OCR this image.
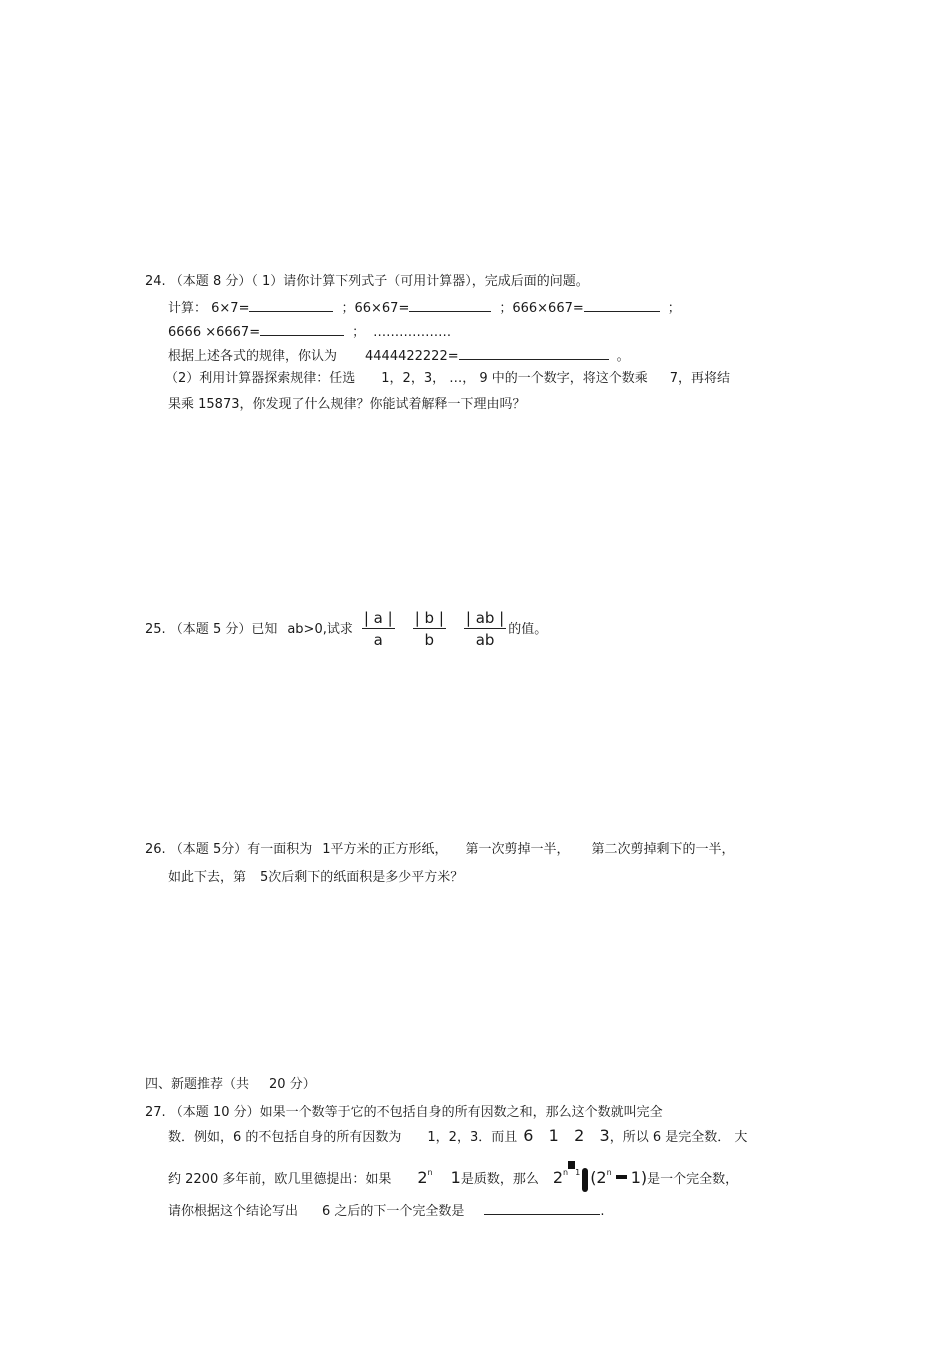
24. （本题 8 分）（ 1）请你计算下列式子（可用计算器），完成后面的问题。
计算： 6×7=	；66×67=	；666×667=	；
6666 ×6667=	； ………………
根据上述各式的规律，你认为 4444422222=	。
（2）利用计算器探索规律：任选 1，2，3， …， 9 中的一个数字，将这个数乘 7，再将结
果乘 15873，你发现了什么规律？你能试着解释一下理由吗？
25. （本题 5 分）已知 ab>0,试求 $\frac{| a |}{a} \frac{| b |}{b} \frac{| ab |}{ab}$ 的值。
26. （本题 5分）有一面积为 1平方米的正方形纸， 第一次剪掉一半， 第二次剪掉剩下的一半，
如此下去，第 5次后剩下的纸面积是多少平方米？
四、新题推荐（共 20 分）
27. （本题 10 分）如果一个数等于它的不包括自身的所有因数之和，那么这个数就叫完全
数．例如，6 的不包括自身的所有因数为 1，2，3．而且 6   1   2   3，所以 6 是完全数． 大
约 2200 多年前，欧几里德提出：如果 2$^n$ 1是质数，那么 $2^{n 1}$ (2$^n$ 1)是一个完全数，
请你根据这个结论写出 6 之后的下一个完全数是	.
